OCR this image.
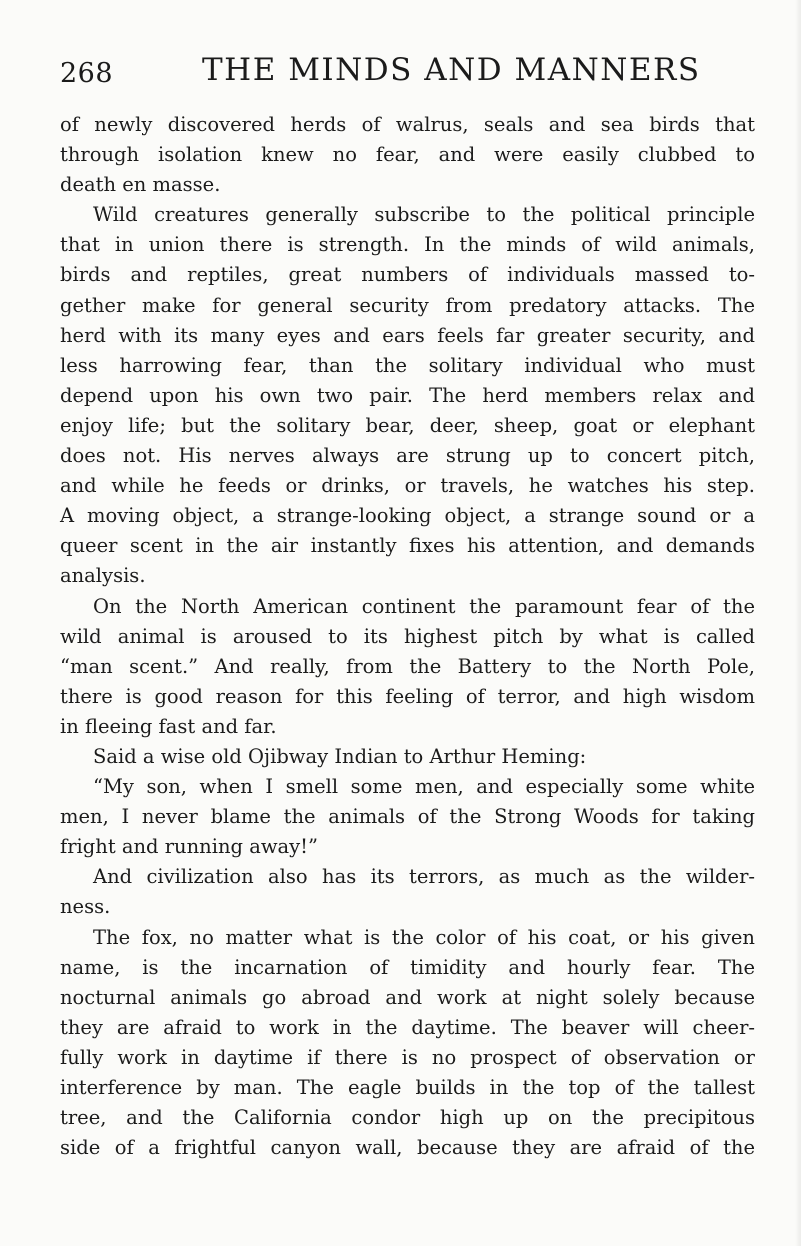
268	THE MINDS AND MANNERS
of newly discovered herds of walrus, seals and sea birds that
through isolation knew no fear, and were easily clubbed to
death en masse.
Wild creatures generally subscribe to the political principle
that in union there is strength. In the minds of wild animals,
birds and reptiles, great numbers of individuals massed to-
gether make for general security from predatory attacks. The
herd with its many eyes and ears feels far greater security, and
less harrowing fear, than the solitary individual who must
depend upon his own two pair. The herd members relax and
enjoy life; but the solitary bear, deer, sheep, goat or elephant
does not. His nerves always are strung up to concert pitch,
and while he feeds or drinks, or travels, he watches his step.
A moving object, a strange-looking object, a strange sound or a
queer scent in the air instantly fixes his attention, and demands
analysis.
On the North American continent the paramount fear of the
wild animal is aroused to its highest pitch by what is called
“man scent.” And really, from the Battery to the North Pole,
there is good reason for this feeling of terror, and high wisdom
in fleeing fast and far.
Said a wise old Ojibway Indian to Arthur Heming:
“My son, when I smell some men, and especially some white
men, I never blame the animals of the Strong Woods for taking
fright and running away!”
And civilization also has its terrors, as much as the wilder-
ness.
The fox, no matter what is the color of his coat, or his given
name, is the incarnation of timidity and hourly fear. The
nocturnal animals go abroad and work at night solely because
they are afraid to work in the daytime. The beaver will cheer-
fully work in daytime if there is no prospect of observation or
interference by man. The eagle builds in the top of the tallest
tree, and the California condor high up on the precipitous
side of a frightful canyon wall, because they are afraid of the
